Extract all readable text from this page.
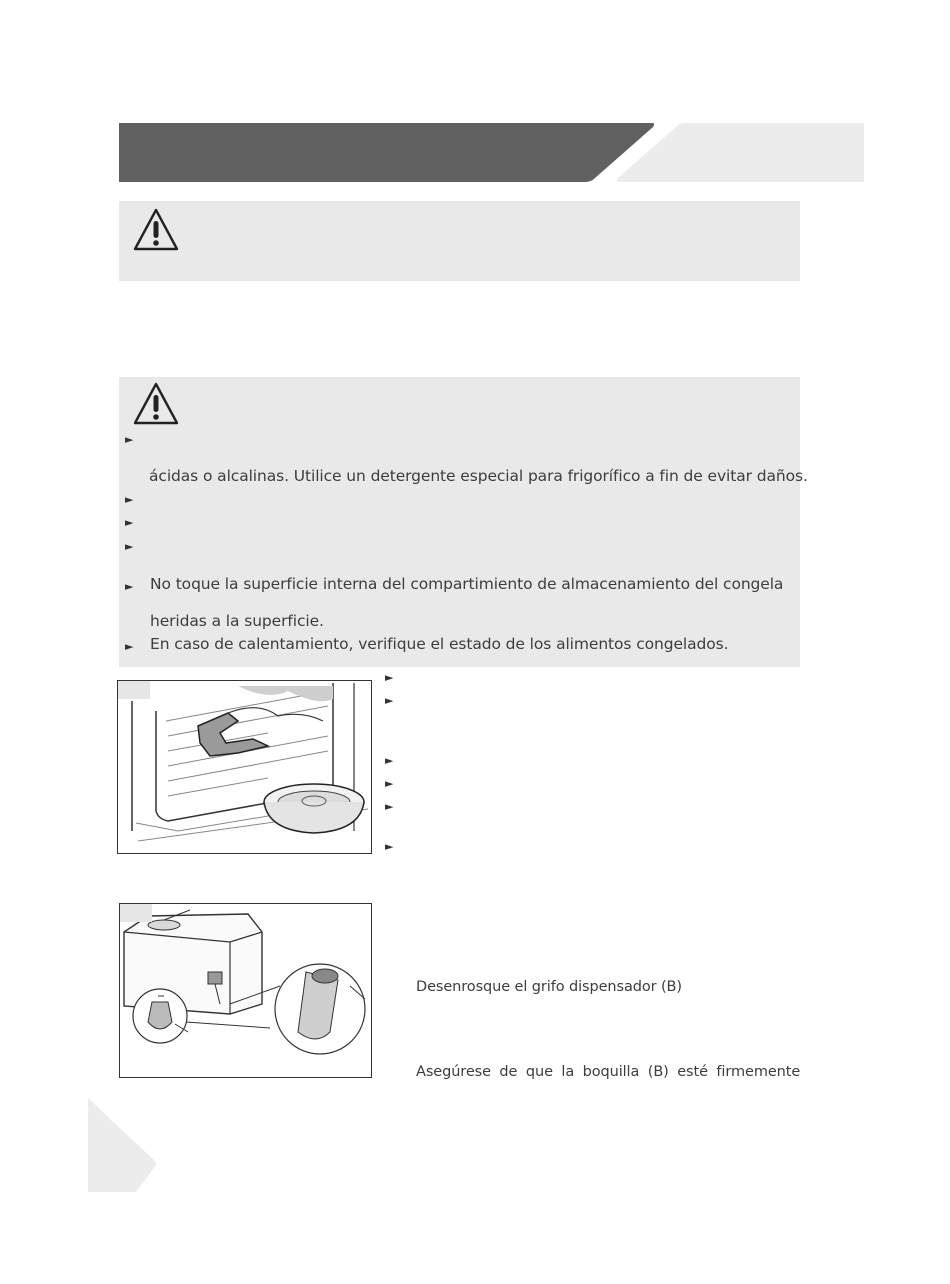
►
ácidas o alcalinas. Utilice un detergente especial para frigorífico a fin de evitar daños.
►
►
►
► No toque la superficie interna del compartimiento de almacenamiento del congela
heridas a la superficie.
► En caso de calentamiento, verifique el estado de los alimentos congelados.
►
►
►
►
►
►
Desenrosque el grifo dispensador (B)
Asegúrese de que la boquilla (B) esté firmemente
